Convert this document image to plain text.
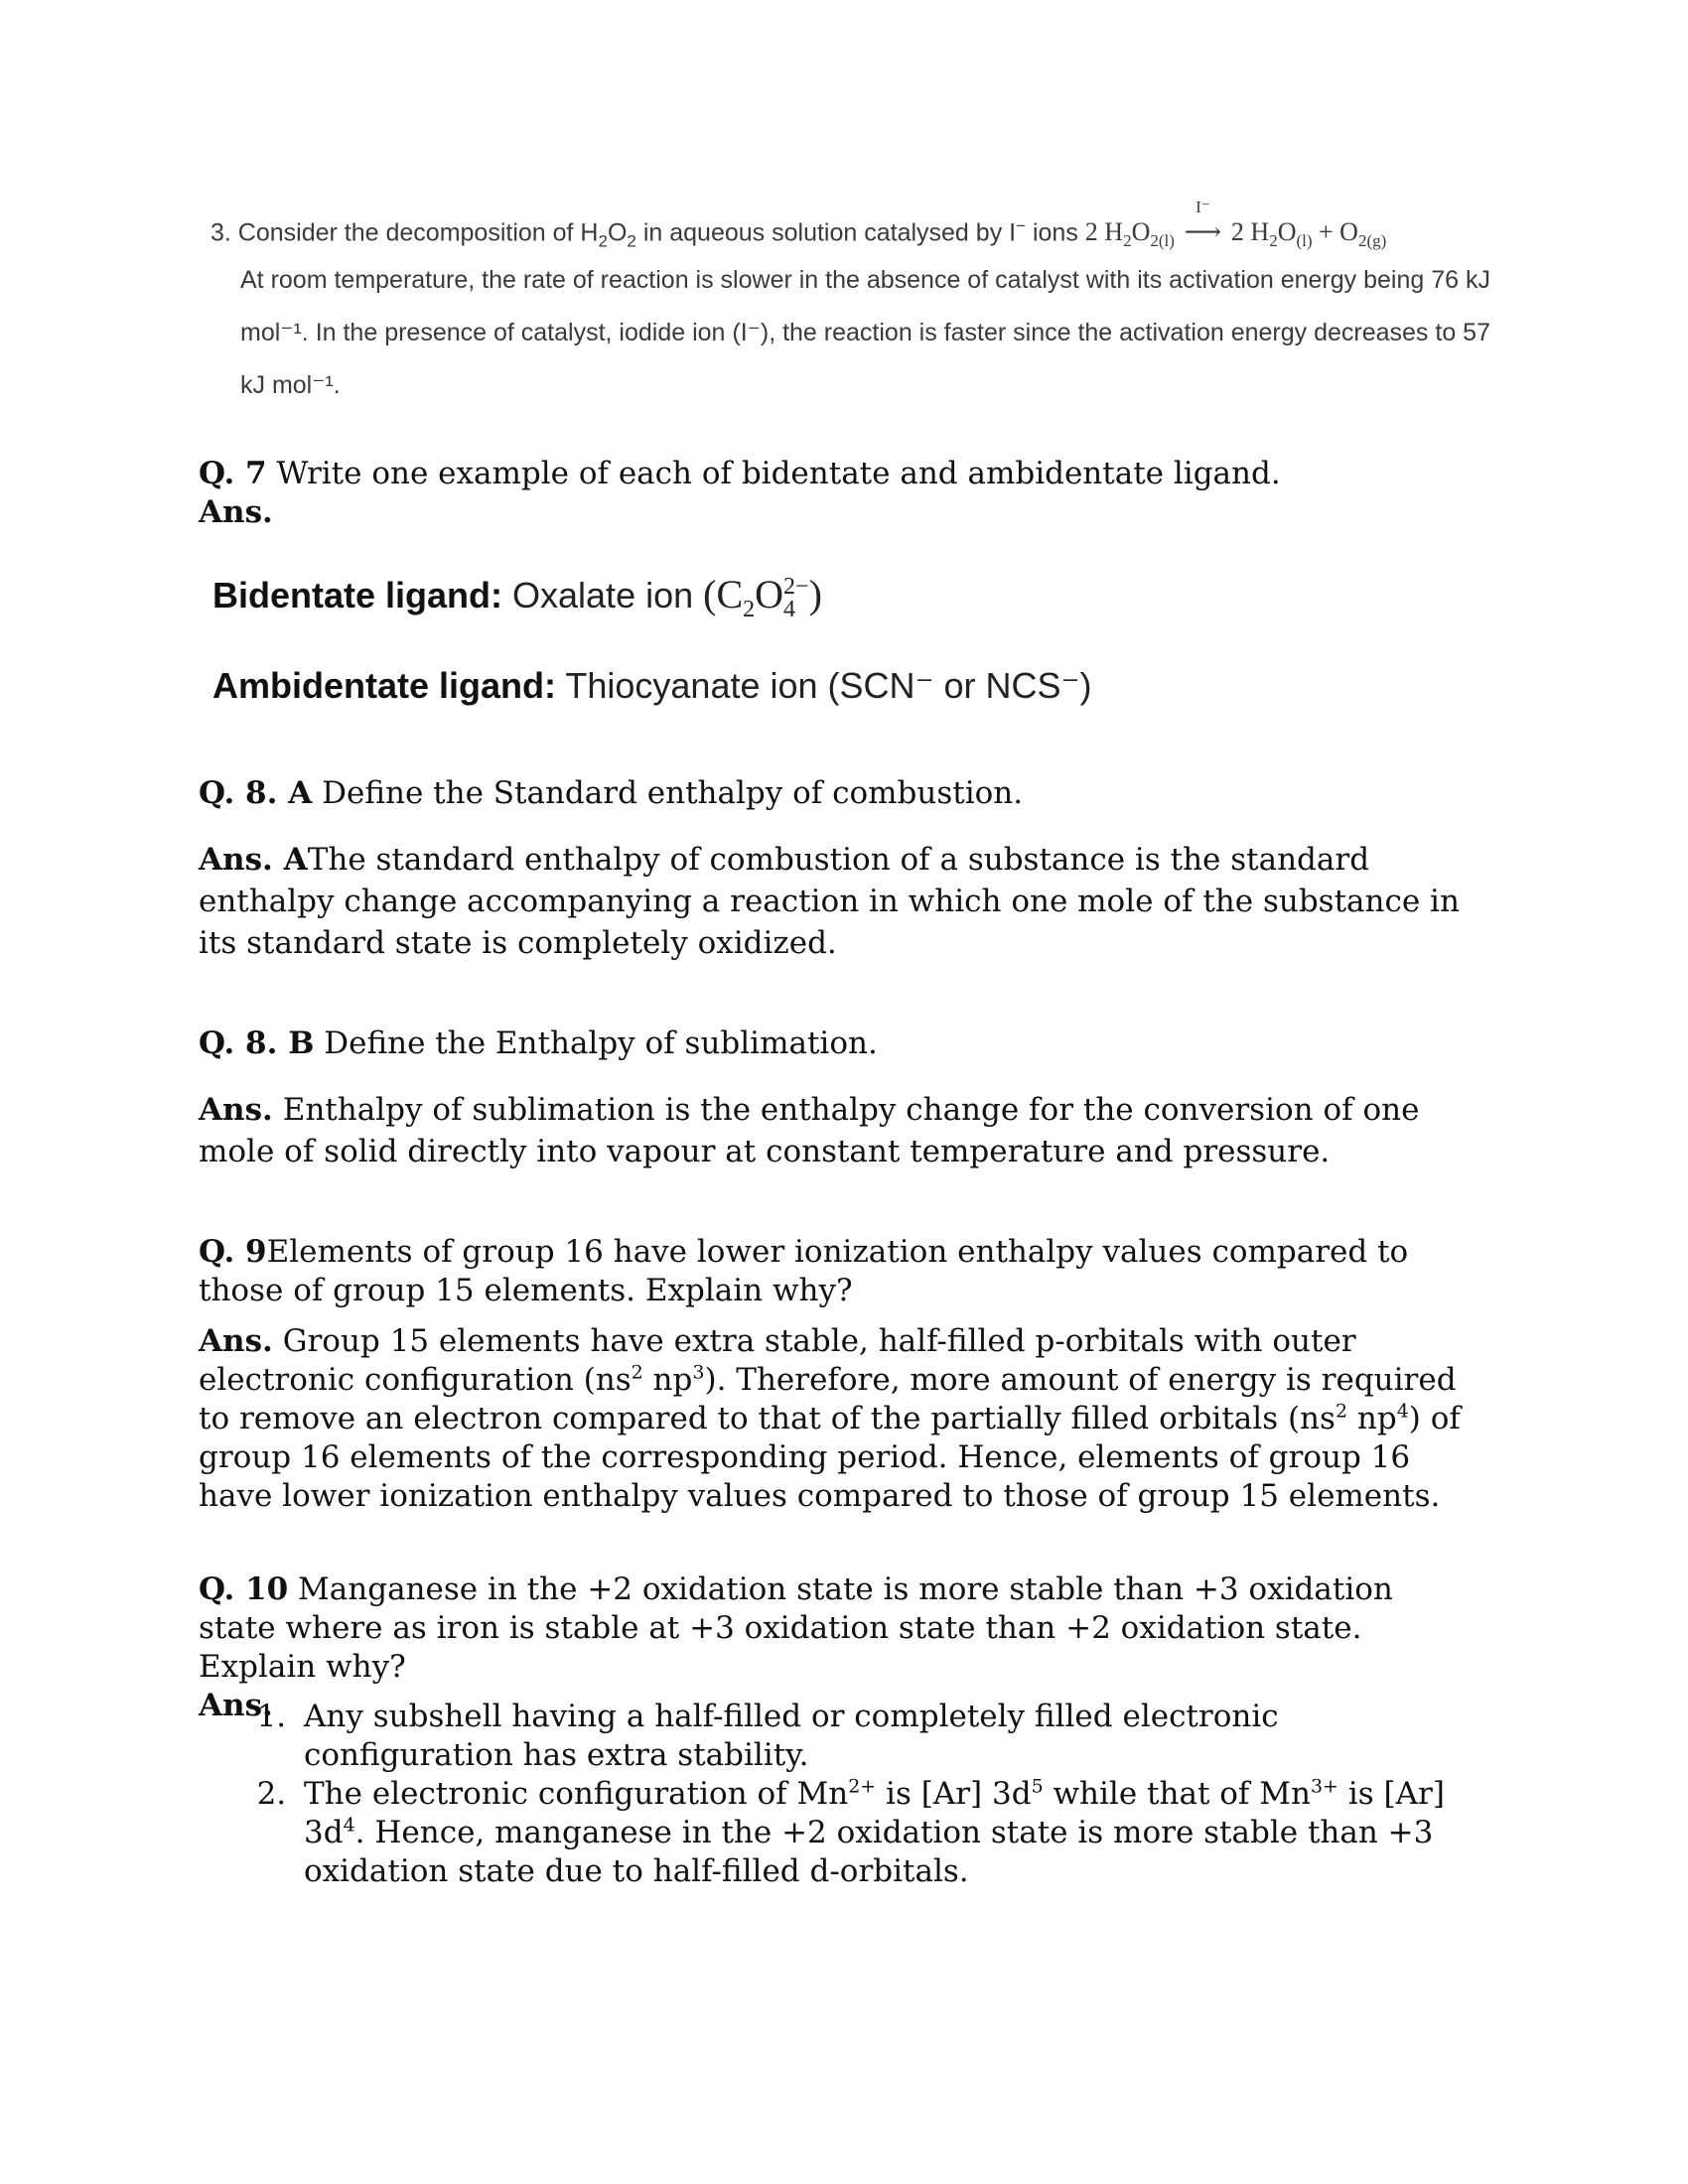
3. Consider the decomposition of $H_2O_2$ in aqueous solution catalysed by I− ions 2 $H_2O_{2(l)}$
I⁻
⟶ 2 $H_2O_{(l)} + O_{2(g)}$
At room temperature, the rate of reaction is slower in the absence of catalyst with its activation energy being 76 kJ
mol⁻¹. In the presence of catalyst, iodide ion (I⁻), the reaction is faster since the activation energy decreases to 57
kJ mol⁻¹.
Q. 7 Write one example of each of bidentate and ambidentate ligand.
Ans.
Bidentate ligand: Oxalate ion $(C_2O_4^{2-})$
Ambidentate ligand: Thiocyanate ion (SCN⁻ or NCS⁻)
Q. 8. A Define the Standard enthalpy of combustion.
Ans. AThe standard enthalpy of combustion of a substance is the standard enthalpy change accompanying a reaction in which one mole of the substance in its standard state is completely oxidized.
Q. 8. B Define the Enthalpy of sublimation.
Ans. Enthalpy of sublimation is the enthalpy change for the conversion of one mole of solid directly into vapour at constant temperature and pressure.
Q. 9Elements of group 16 have lower ionization enthalpy values compared to those of group 15 elements. Explain why?
Ans. Group 15 elements have extra stable, half-filled p-orbitals with outer electronic configuration ($ns^2$ $np^3$). Therefore, more amount of energy is required to remove an electron compared to that of the partially filled orbitals ($ns^2$ $np^4$) of group 16 elements of the corresponding period. Hence, elements of group 16 have lower ionization enthalpy values compared to those of group 15 elements.
Q. 10 Manganese in the +2 oxidation state is more stable than +3 oxidation state where as iron is stable at +3 oxidation state than +2 oxidation state. Explain why?
Ans.
1.	Any subshell having a half-filled or completely filled electronic configuration has extra stability.
2. The electronic configuration of $Mn^{2+}$ is [Ar] $3d^5$ while that of $Mn^{3+}$ is [Ar] $3d^4$. Hence, manganese in the +2 oxidation state is more stable than +3 oxidation state due to half-filled d-orbitals.
